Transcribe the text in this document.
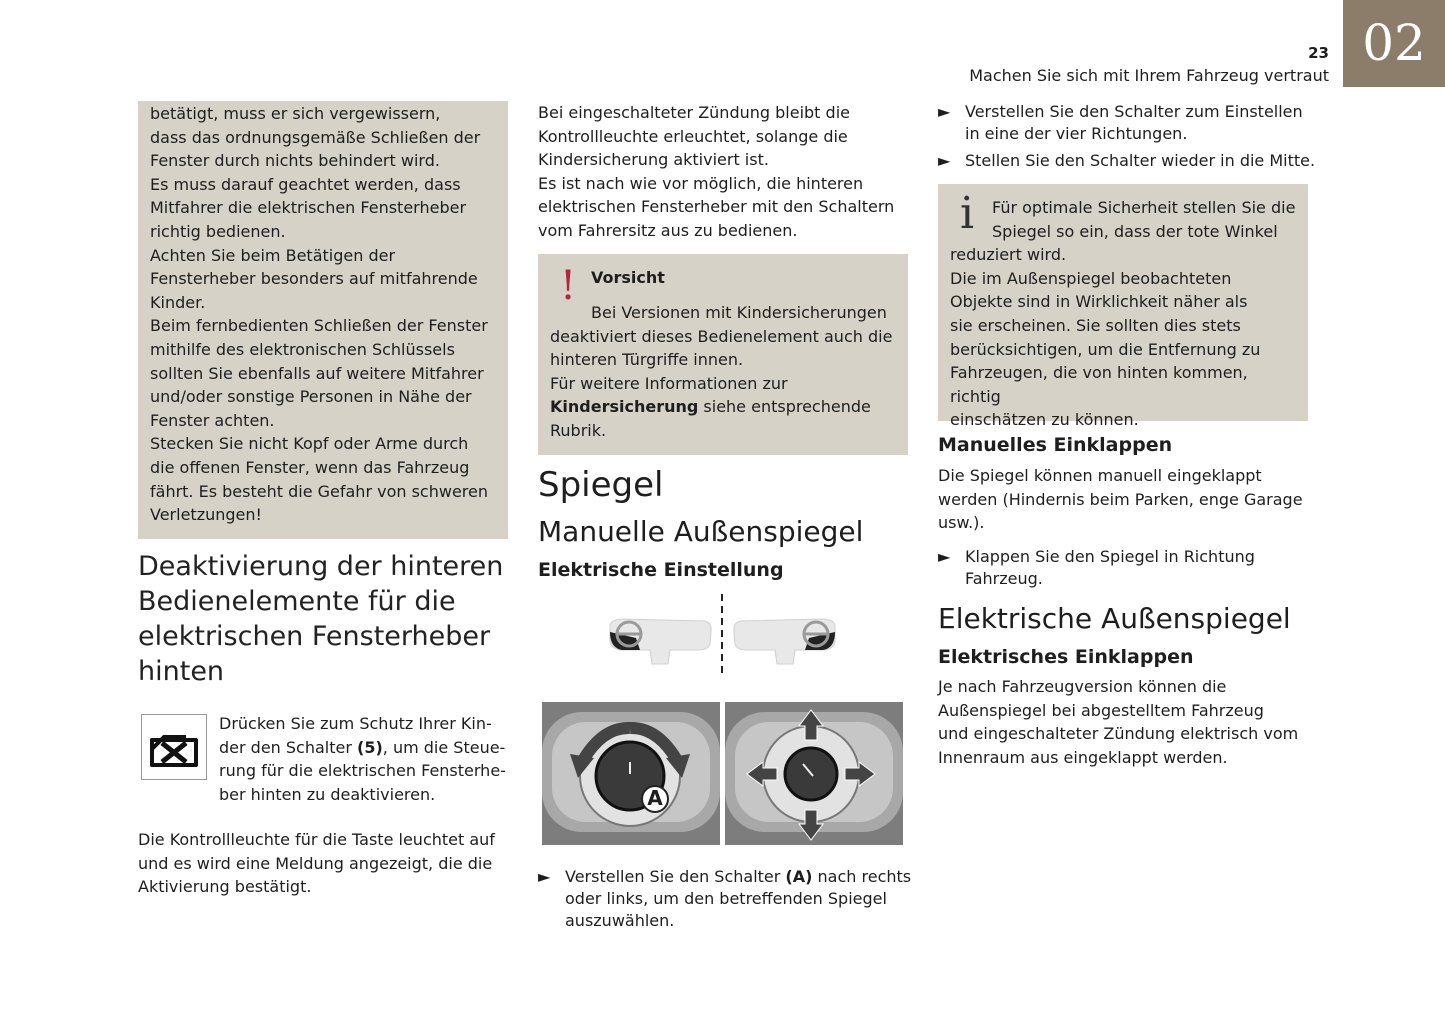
02
23
Machen Sie sich mit Ihrem Fahrzeug vertraut
betätigt, muss er sich vergewissern,
dass das ordnungsgemäße Schließen der
Fenster durch nichts behindert wird.
Es muss darauf geachtet werden, dass
Mitfahrer die elektrischen Fensterheber
richtig bedienen.
Achten Sie beim Betätigen der
Fensterheber besonders auf mitfahrende
Kinder.
Beim fernbedienten Schließen der Fenster
mithilfe des elektronischen Schlüssels
sollten Sie ebenfalls auf weitere Mitfahrer
und/oder sonstige Personen in Nähe der
Fenster achten.
Stecken Sie nicht Kopf oder Arme durch
die offenen Fenster, wenn das Fahrzeug
fährt. Es besteht die Gefahr von schweren
Verletzungen!
Deaktivierung der hinteren
Bedienelemente für die
elektrischen Fensterheber
hinten
Drücken Sie zum Schutz Ihrer Kin-
der den Schalter (5), um die Steue-
rung für die elektrischen Fensterhe-
ber hinten zu deaktivieren.
Die Kontrollleuchte für die Taste leuchtet auf
und es wird eine Meldung angezeigt, die die
Aktivierung bestätigt.
Bei eingeschalteter Zündung bleibt die
Kontrollleuchte erleuchtet, solange die
Kindersicherung aktiviert ist.
Es ist nach wie vor möglich, die hinteren
elektrischen Fensterheber mit den Schaltern
vom Fahrersitz aus zu bedienen.
! Vorsicht
Bei Versionen mit Kindersicherungen
deaktiviert dieses Bedienelement auch die
hinteren Türgriffe innen.
Für weitere Informationen zur
Kindersicherung siehe entsprechende
Rubrik.
Spiegel
Manuelle Außenspiegel
Elektrische Einstellung
A
► Verstellen Sie den Schalter (A) nach rechts
oder links, um den betreffenden Spiegel
auszuwählen.
► Verstellen Sie den Schalter zum Einstellen
in eine der vier Richtungen.
► Stellen Sie den Schalter wieder in die Mitte.
i	Für optimale Sicherheit stellen Sie die
Spiegel so ein, dass der tote Winkel
reduziert wird.
Die im Außenspiegel beobachteten
Objekte sind in Wirklichkeit näher als
sie erscheinen. Sie sollten dies stets
berücksichtigen, um die Entfernung zu
Fahrzeugen, die von hinten kommen, richtig
einschätzen zu können.
Manuelles Einklappen
Die Spiegel können manuell eingeklappt
werden (Hindernis beim Parken, enge Garage
usw.).
► Klappen Sie den Spiegel in Richtung
Fahrzeug.
Elektrische Außenspiegel
Elektrisches Einklappen
Je nach Fahrzeugversion können die
Außenspiegel bei abgestelltem Fahrzeug
und eingeschalteter Zündung elektrisch vom
Innenraum aus eingeklappt werden.
